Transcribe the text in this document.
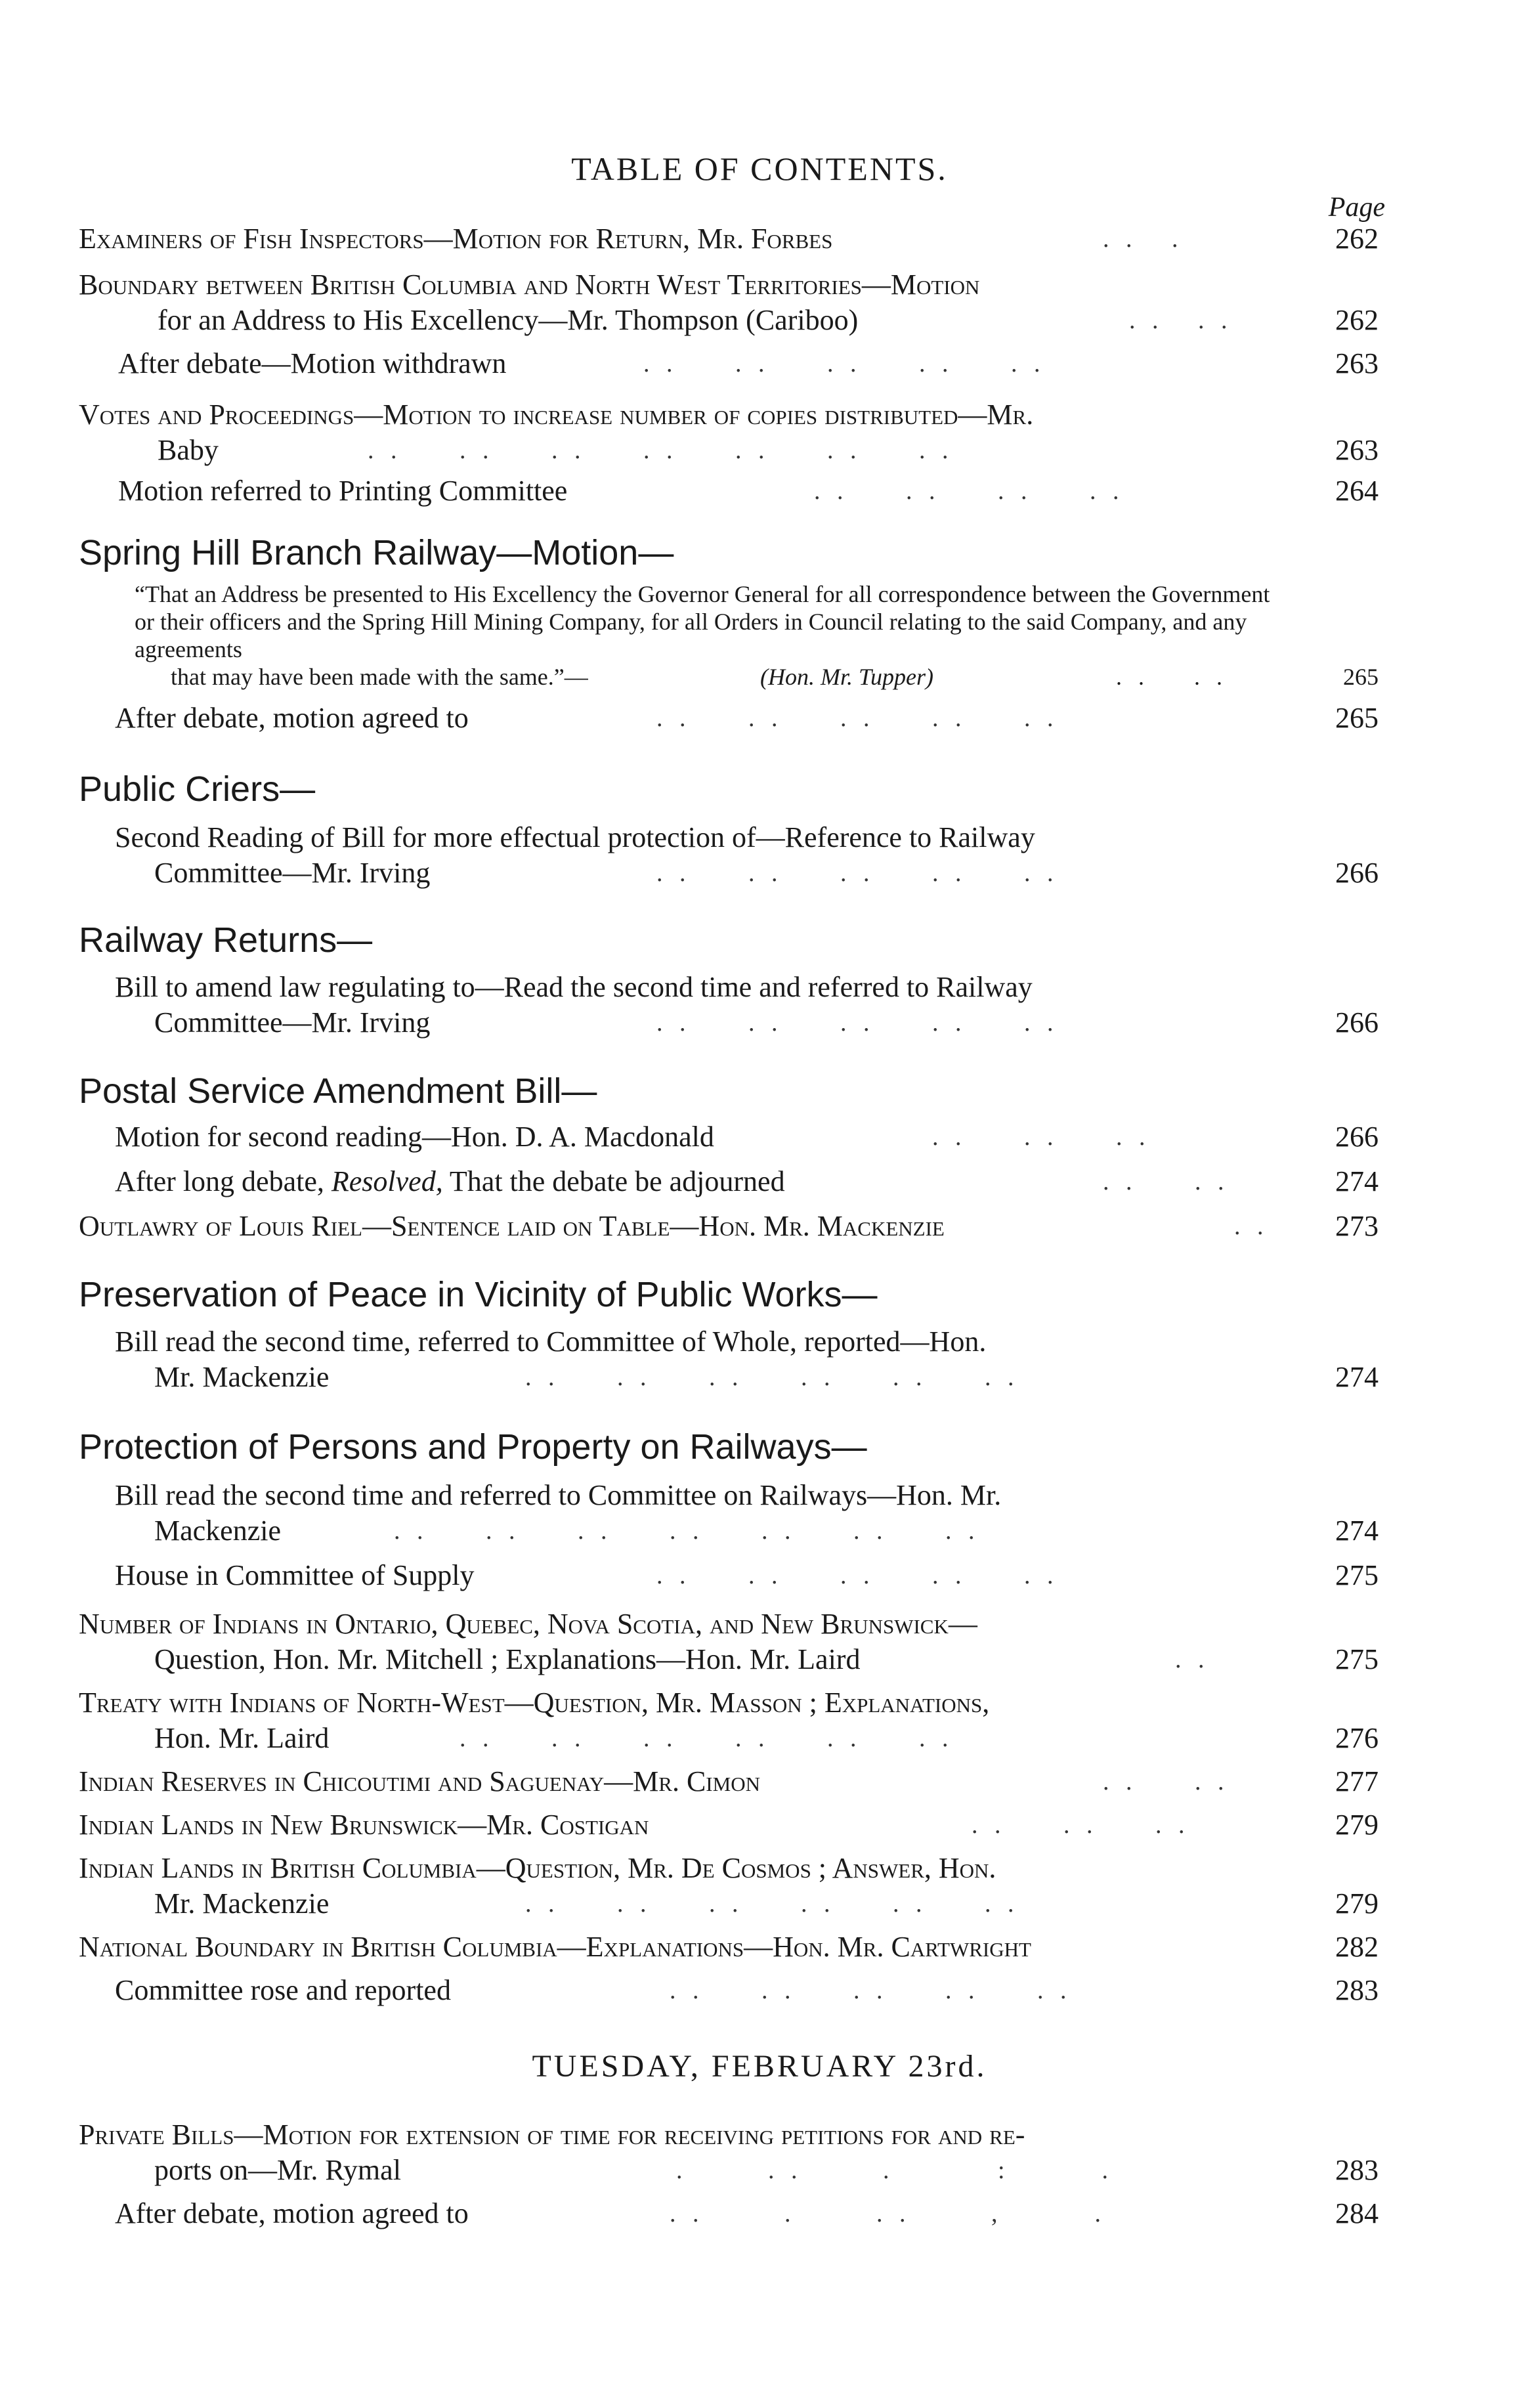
TABLE OF CONTENTS.
Page
Examiners of Fish Inspectors—Motion for Return, Mr. Forbes	. .   .	262
Boundary between British Columbia and North West Territories—Motion
for an Address to His Excellency—Mr. Thompson (Cariboo)	. .   . .	262
After debate—Motion withdrawn	. .     . .     . .     . .     . .	263
Votes and Proceedings—Motion to increase number of copies distributed—Mr.
Baby	. .     . .     . .     . .     . .     . .     . .	263
Motion referred to Printing Committee	. .     . .     . .     . .	264
Spring Hill Branch Railway—Motion—
“That an Address be presented to His Excellency the Governor General for all correspondence between the Government or their officers and the Spring Hill Mining Company, for all Orders in Council relating to the said Company, and any agreements
that may have been made with the same.”—	(Hon. Mr. Tupper)	. .    . .	265
After debate, motion agreed to	. .     . .     . .     . .     . .	265
Public Criers—
Second Reading of Bill for more effectual protection of—Reference to Railway
Committee—Mr. Irving	. .     . .     . .     . .     . .	266
Railway Returns—
Bill to amend law regulating to—Read the second time and referred to Railway
Committee—Mr. Irving	. .     . .     . .     . .     . .	266
Postal Service Amendment Bill—
Motion for second reading—Hon. D. A. Macdonald	. .     . .     . .	266
After long debate, Resolved, That the debate be adjourned	. .     . .	274
Outlawry of Louis Riel—Sentence laid on Table—Hon. Mr. Mackenzie	. .	273
Preservation of Peace in Vicinity of Public Works—
Bill read the second time, referred to Committee of Whole, reported—Hon.
Mr. Mackenzie	. .     . .     . .     . .     . .     . .	274
Protection of Persons and Property on Railways—
Bill read the second time and referred to Committee on Railways—Hon. Mr.
Mackenzie	. .     . .     . .     . .     . .     . .     . .	274
House in Committee of Supply	. .     . .     . .     . .     . .	275
Number of Indians in Ontario, Quebec, Nova Scotia, and New Brunswick—
Question, Hon. Mr. Mitchell ; Explanations—Hon. Mr. Laird	. .	275
Treaty with Indians of North-West—Question, Mr. Masson ; Explanations,
Hon. Mr. Laird	. .     . .     . .     . .     . .     . .	276
Indian Reserves in Chicoutimi and Saguenay—Mr. Cimon	. .     . .	277
Indian Lands in New Brunswick—Mr. Costigan	. .     . .     . .	279
Indian Lands in British Columbia—Question, Mr. De Cosmos ; Answer, Hon.
Mr. Mackenzie	. .     . .     . .     . .     . .     . .	279
National Boundary in British Columbia—Explanations—Hon. Mr. Cartwright	282
Committee rose and reported	. .     . .     . .     . .     . .	283
TUESDAY, FEBRUARY 23rd.
Private Bills—Motion for extension of time for receiving petitions for and re-
ports on—Mr. Rymal	.       . .       .         :        .	283
After debate, motion agreed to	. .       .       . .       ,        .	284
